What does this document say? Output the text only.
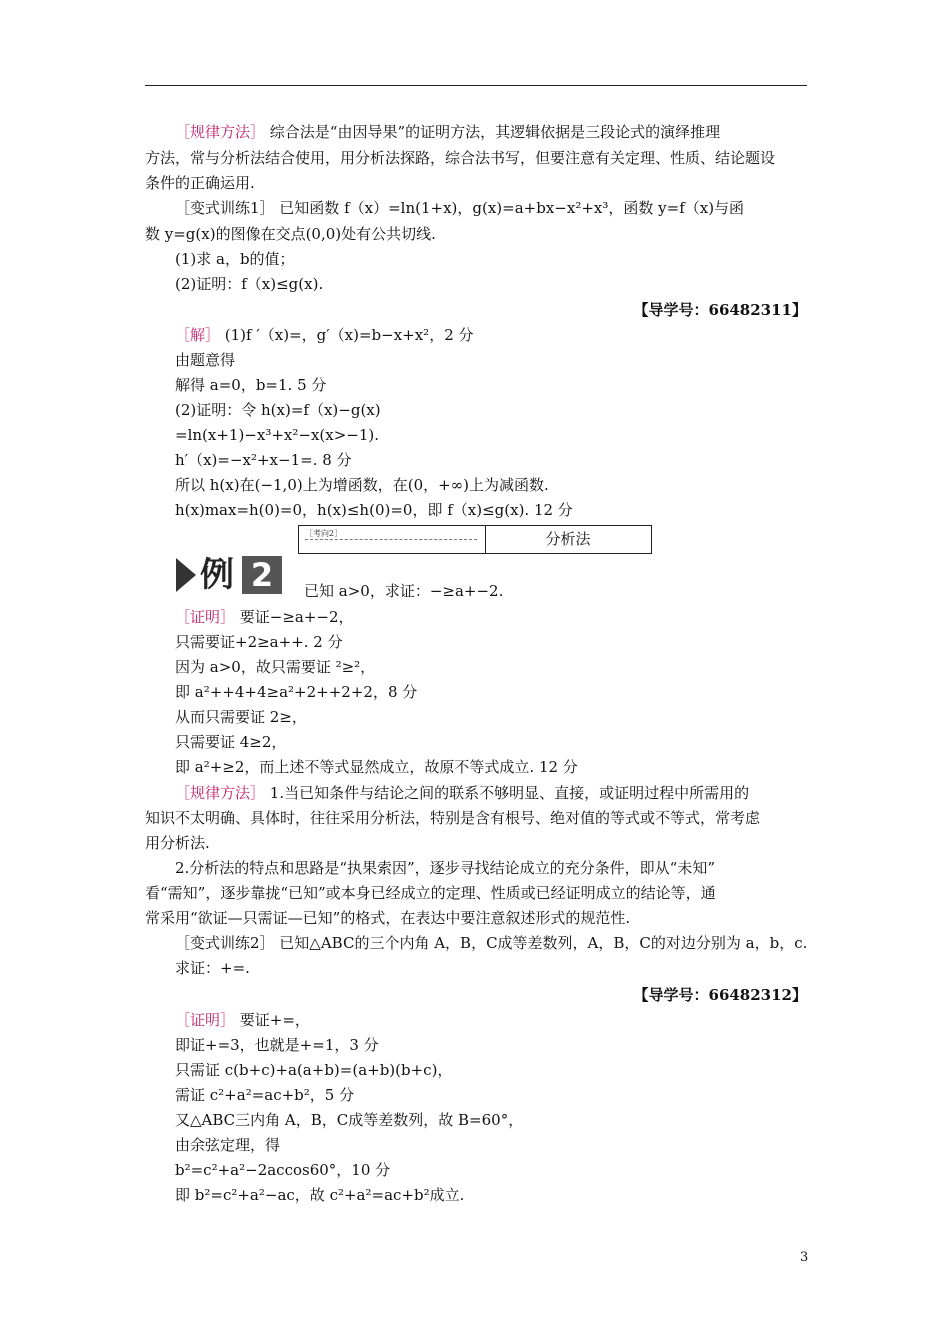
［规律方法］ 综合法是“由因导果”的证明方法，其逻辑依据是三段论式的演绎推理
方法，常与分析法结合使用，用分析法探路，综合法书写，但要注意有关定理、性质、结论题设
条件的正确运用.
［变式训练1］ 已知函数 f（x）=ln(1+x)，g(x)=a+bx−x²+x³，函数 y=f（x)与函
数 y=g(x)的图像在交点(0,0)处有公共切线.
(1)求 a，b的值；
(2)证明：f（x)≤g(x).
【导学号：66482311】
［解］ (1)f ′（x)=，g′（x)=b−x+x²，2 分
由题意得
解得 a=0，b=1. 5 分
(2)证明：令 h(x)=f（x)−g(x)
=ln(x+1)−x³+x²−x(x>−1).
h′（x)=−x²+x−1=. 8 分
所以 h(x)在(−1,0)上为增函数，在(0，+∞)上为减函数.
h(x)max=h(0)=0，h(x)≤h(0)=0，即 f（x)≤g(x). 12 分
［考向2］	分析法
例 2	已知 a>0，求证：−≥a+−2.
［证明］ 要证−≥a+−2，
只需要证+2≥a++. 2 分
因为 a>0，故只需要证 ²≥²，
即 a²++4+4≥a²+2++2+2，8 分
从而只需要证 2≥，
只需要证 4≥2，
即 a²+≥2，而上述不等式显然成立，故原不等式成立. 12 分
［规律方法］ 1.当已知条件与结论之间的联系不够明显、直接，或证明过程中所需用的
知识不太明确、具体时，往往采用分析法，特别是含有根号、绝对值的等式或不等式，常考虑
用分析法.
2.分析法的特点和思路是“执果索因”，逐步寻找结论成立的充分条件，即从“未知”
看“需知”，逐步靠拢“已知”或本身已经成立的定理、性质或已经证明成立的结论等，通
常采用“欲证—只需证—已知”的格式，在表达中要注意叙述形式的规范性.
［变式训练2］ 已知△ABC的三个内角 A，B，C成等差数列，A，B，C的对边分别为 a，b，c.
求证：+=.
【导学号：66482312】
［证明］ 要证+=，
即证+=3，也就是+=1，3 分
只需证 c(b+c)+a(a+b)=(a+b)(b+c)，
需证 c²+a²=ac+b²，5 分
又△ABC三内角 A，B，C成等差数列，故 B=60°，
由余弦定理，得
b²=c²+a²−2accos60°，10 分
即 b²=c²+a²−ac，故 c²+a²=ac+b²成立.
3
